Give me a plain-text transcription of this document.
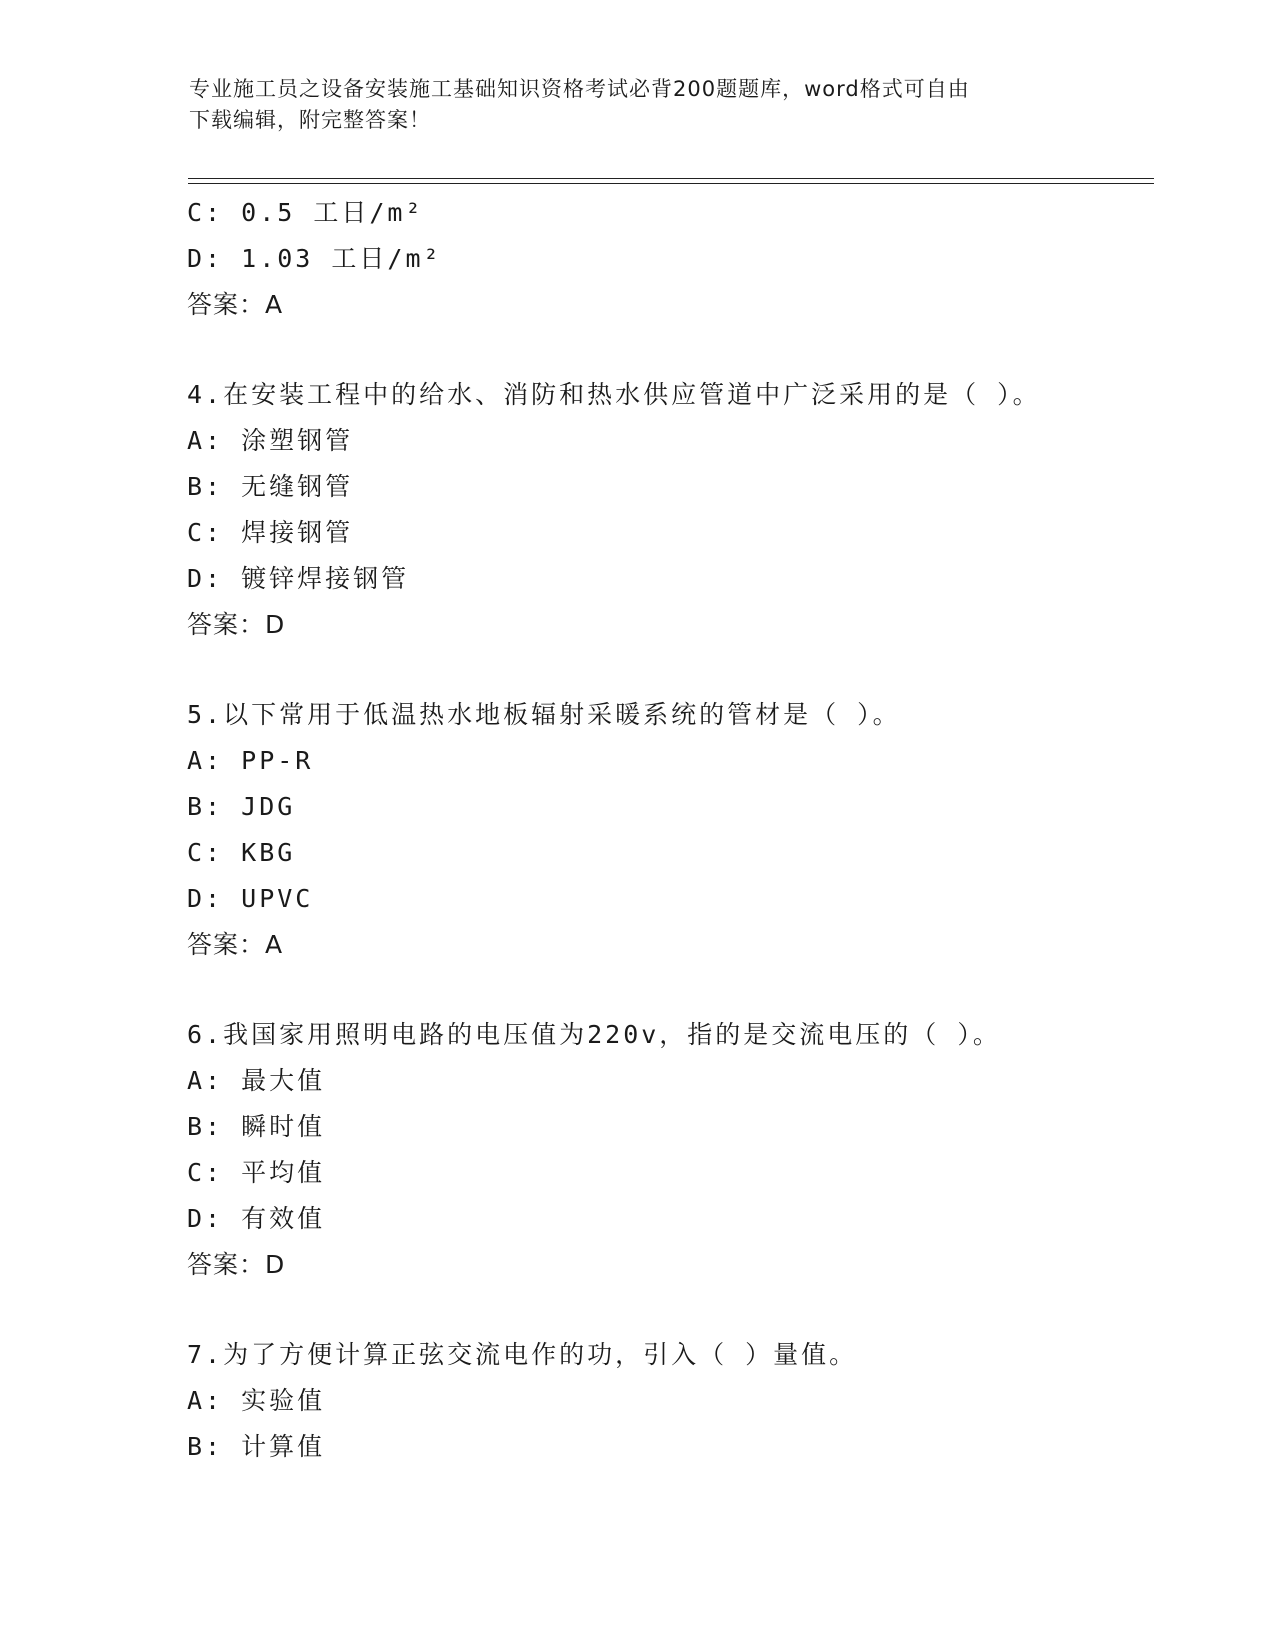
专业施工员之设备安装施工基础知识资格考试必背200题题库，word格式可自由
下载编辑，附完整答案！
C: 0.5 工日/m²
D: 1.03 工日/m²
答案：A
4.在安装工程中的给水、消防和热水供应管道中广泛采用的是（ ）。
A: 涂塑钢管
B: 无缝钢管
C: 焊接钢管
D: 镀锌焊接钢管
答案：D
5.以下常用于低温热水地板辐射采暖系统的管材是（ ）。
A: PP-R
B: JDG
C: KBG
D: UPVC
答案：A
6.我国家用照明电路的电压值为220v，指的是交流电压的（ ）。
A: 最大值
B: 瞬时值
C: 平均值
D: 有效值
答案：D
7.为了方便计算正弦交流电作的功，引入（ ）量值。
A: 实验值
B: 计算值
